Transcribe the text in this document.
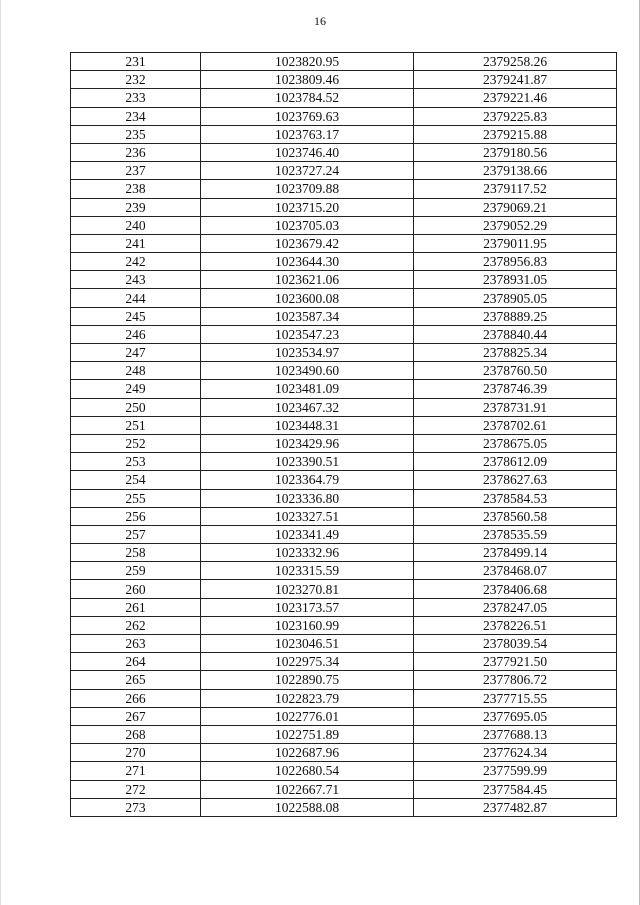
16
231	1023820.95	2379258.26
232	1023809.46	2379241.87
233	1023784.52	2379221.46
234	1023769.63	2379225.83
235	1023763.17	2379215.88
236	1023746.40	2379180.56
237	1023727.24	2379138.66
238	1023709.88	2379117.52
239	1023715.20	2379069.21
240	1023705.03	2379052.29
241	1023679.42	2379011.95
242	1023644.30	2378956.83
243	1023621.06	2378931.05
244	1023600.08	2378905.05
245	1023587.34	2378889.25
246	1023547.23	2378840.44
247	1023534.97	2378825.34
248	1023490.60	2378760.50
249	1023481.09	2378746.39
250	1023467.32	2378731.91
251	1023448.31	2378702.61
252	1023429.96	2378675.05
253	1023390.51	2378612.09
254	1023364.79	2378627.63
255	1023336.80	2378584.53
256	1023327.51	2378560.58
257	1023341.49	2378535.59
258	1023332.96	2378499.14
259	1023315.59	2378468.07
260	1023270.81	2378406.68
261	1023173.57	2378247.05
262	1023160.99	2378226.51
263	1023046.51	2378039.54
264	1022975.34	2377921.50
265	1022890.75	2377806.72
266	1022823.79	2377715.55
267	1022776.01	2377695.05
268	1022751.89	2377688.13
270	1022687.96	2377624.34
271	1022680.54	2377599.99
272	1022667.71	2377584.45
273	1022588.08	2377482.87
